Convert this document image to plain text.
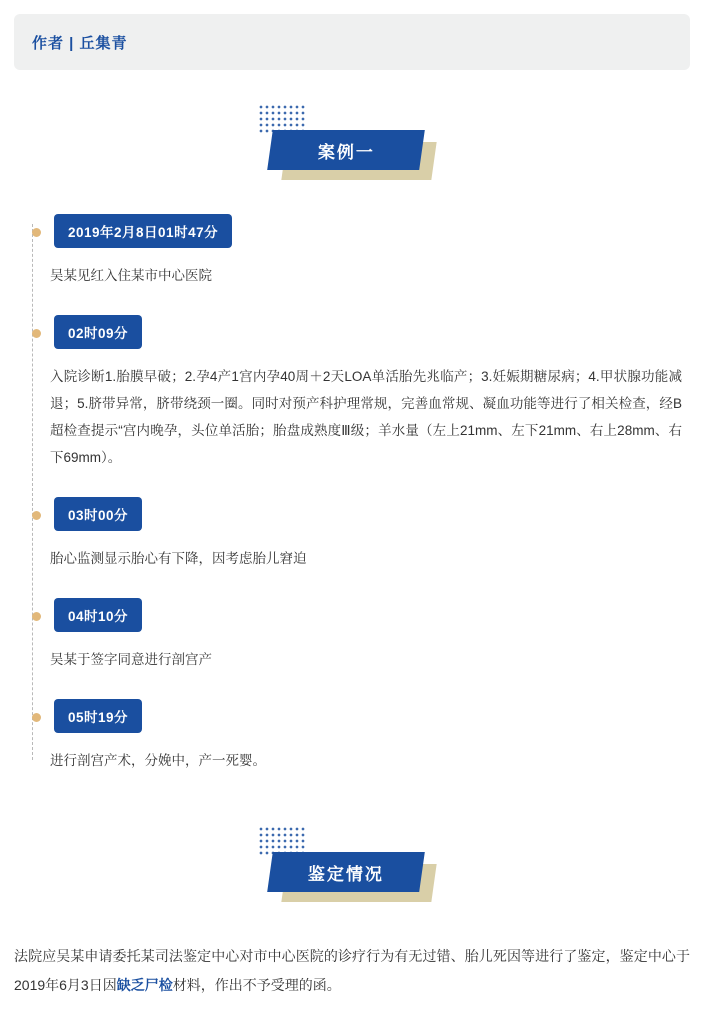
作者 | 丘集青
案例一
2019年2月8日01时47分
吴某见红入住某市中心医院
02时09分
入院诊断1.胎膜早破；2.孕4产1宫内孕40周＋2天LOA单活胎先兆临产；3.妊娠期糖尿病；4.甲状腺功能减退；5.脐带异常，脐带绕颈一圈。同时对预产科护理常规，完善血常规、凝血功能等进行了相关检查，经B超检查提示“宫内晚孕，头位单活胎；胎盘成熟度Ⅲ级；羊水量（左上21mm、左下21mm、右上28mm、右下69mm）。
03时00分
胎心监测显示胎心有下降，因考虑胎儿窘迫
04时10分
吴某于签字同意进行剖宫产
05时19分
进行剖宫产术，分娩中，产一死婴。
鉴定情况
法院应吴某申请委托某司法鉴定中心对市中心医院的诊疗行为有无过错、胎儿死因等进行了鉴定，鉴定中心于2019年6月3日因缺乏尸检材料，作出不予受理的函。
